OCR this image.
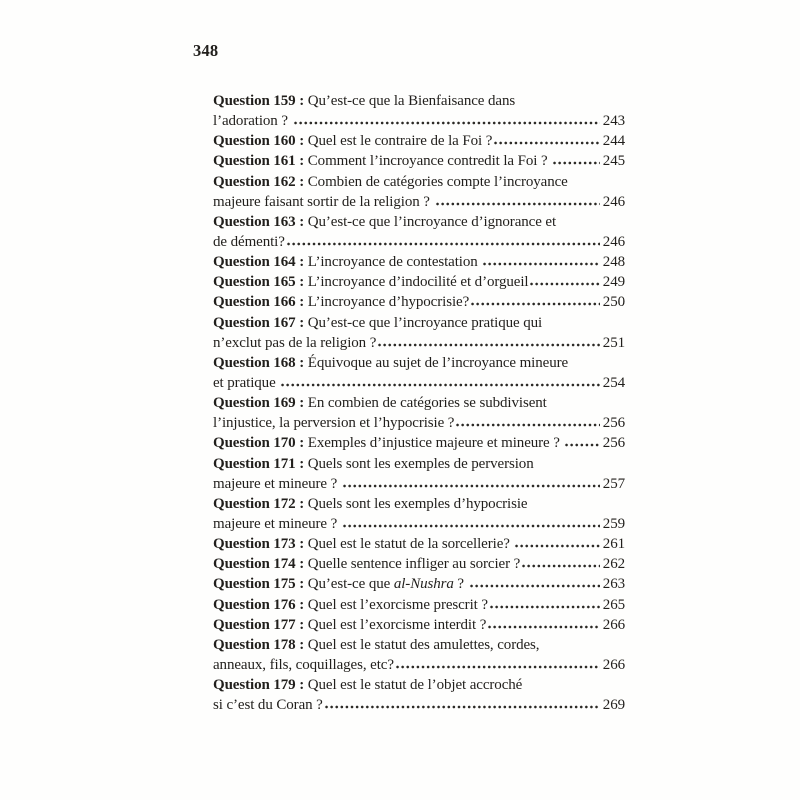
348
Question 159 : Qu’est-ce que la Bienfaisance dans
l’adoration ?	243
Question 160 : Quel est le contraire de la Foi ?	244
Question 161 : Comment l’incroyance contredit la Foi ?	245
Question 162 : Combien de catégories compte l’incroyance
majeure faisant sortir de la religion ?	246
Question 163 : Qu’est-ce que l’incroyance d’ignorance et
de démenti?	246
Question 164 : L’incroyance de contestation	248
Question 165 : L’incroyance d’indocilité et d’orgueil	249
Question 166 : L’incroyance d’hypocrisie?	250
Question 167 : Qu’est-ce que l’incroyance pratique qui
n’exclut pas de la religion ?	251
Question 168 : Équivoque au sujet de l’incroyance mineure
et pratique	254
Question 169 : En combien de catégories se subdivisent
l’injustice, la perversion et l’hypocrisie ?	256
Question 170 : Exemples d’injustice majeure et mineure ?	256
Question 171 : Quels sont les exemples de perversion
majeure et mineure ?	257
Question 172 : Quels sont les exemples d’hypocrisie
majeure et mineure ?	259
Question 173 : Quel est le statut de la sorcellerie?	261
Question 174 : Quelle sentence infliger au sorcier ?	262
Question 175 : Qu’est-ce que al-Nushra ?	263
Question 176 : Quel est l’exorcisme prescrit ?	265
Question 177 : Quel est l’exorcisme interdit ?	266
Question 178 : Quel est le statut des amulettes, cordes,
anneaux, fils, coquillages, etc?	266
Question 179 : Quel est le statut de l’objet accroché
si c’est du Coran ?	269
